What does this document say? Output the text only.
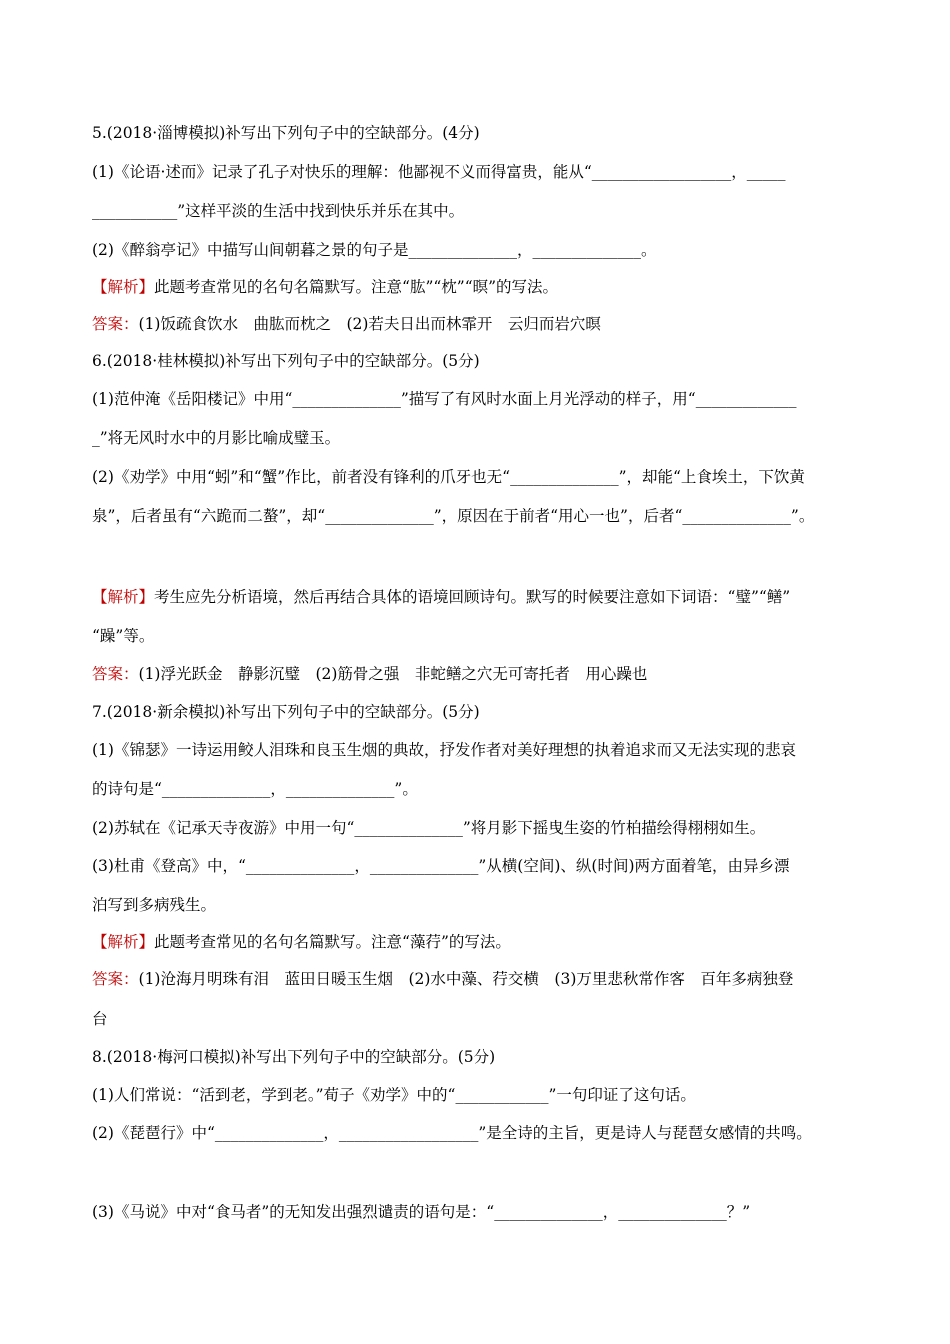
5.(2018·淄博模拟)补写出下列句子中的空缺部分。(4分)
(1)《论语·述而》记录了孔子对快乐的理解：他鄙视不义而得富贵，能从“__________________，_____
___________”这样平淡的生活中找到快乐并乐在其中。
(2)《醉翁亭记》中描写山间朝暮之景的句子是______________，______________。
【解析】此题考查常见的名句名篇默写。注意“肱”“枕”“暝”的写法。
答案：(1)饭疏食饮水　曲肱而枕之　(2)若夫日出而林霏开　云归而岩穴暝
6.(2018·桂林模拟)补写出下列句子中的空缺部分。(5分)
(1)范仲淹《岳阳楼记》中用“______________”描写了有风时水面上月光浮动的样子，用“_____________
_”将无风时水中的月影比喻成璧玉。
(2)《劝学》中用“蚓”和“蟹”作比，前者没有锋利的爪牙也无“______________”，却能“上食埃土，下饮黄
泉”，后者虽有“六跪而二螯”，却“______________”，原因在于前者“用心一也”，后者“______________”。
【解析】考生应先分析语境，然后再结合具体的语境回顾诗句。默写的时候要注意如下词语：“璧”“鳝”
“躁”等。
答案：(1)浮光跃金　静影沉璧　(2)筋骨之强　非蛇鳝之穴无可寄托者　用心躁也
7.(2018·新余模拟)补写出下列句子中的空缺部分。(5分)
(1)《锦瑟》一诗运用鲛人泪珠和良玉生烟的典故，抒发作者对美好理想的执着追求而又无法实现的悲哀
的诗句是“______________，______________”。
(2)苏轼在《记承天寺夜游》中用一句“______________”将月影下摇曳生姿的竹柏描绘得栩栩如生。
(3)杜甫《登高》中，“______________，______________”从横(空间)、纵(时间)两方面着笔，由异乡漂
泊写到多病残生。
【解析】此题考查常见的名句名篇默写。注意“藻荇”的写法。
答案：(1)沧海月明珠有泪　蓝田日暖玉生烟　(2)水中藻、荇交横　(3)万里悲秋常作客　百年多病独登
台
8.(2018·梅河口模拟)补写出下列句子中的空缺部分。(5分)
(1)人们常说：“活到老，学到老。”荀子《劝学》中的“____________”一句印证了这句话。
(2)《琵琶行》中“______________，__________________”是全诗的主旨，更是诗人与琵琶女感情的共鸣。
(3)《马说》中对“食马者”的无知发出强烈谴责的语句是：“______________，______________？”
